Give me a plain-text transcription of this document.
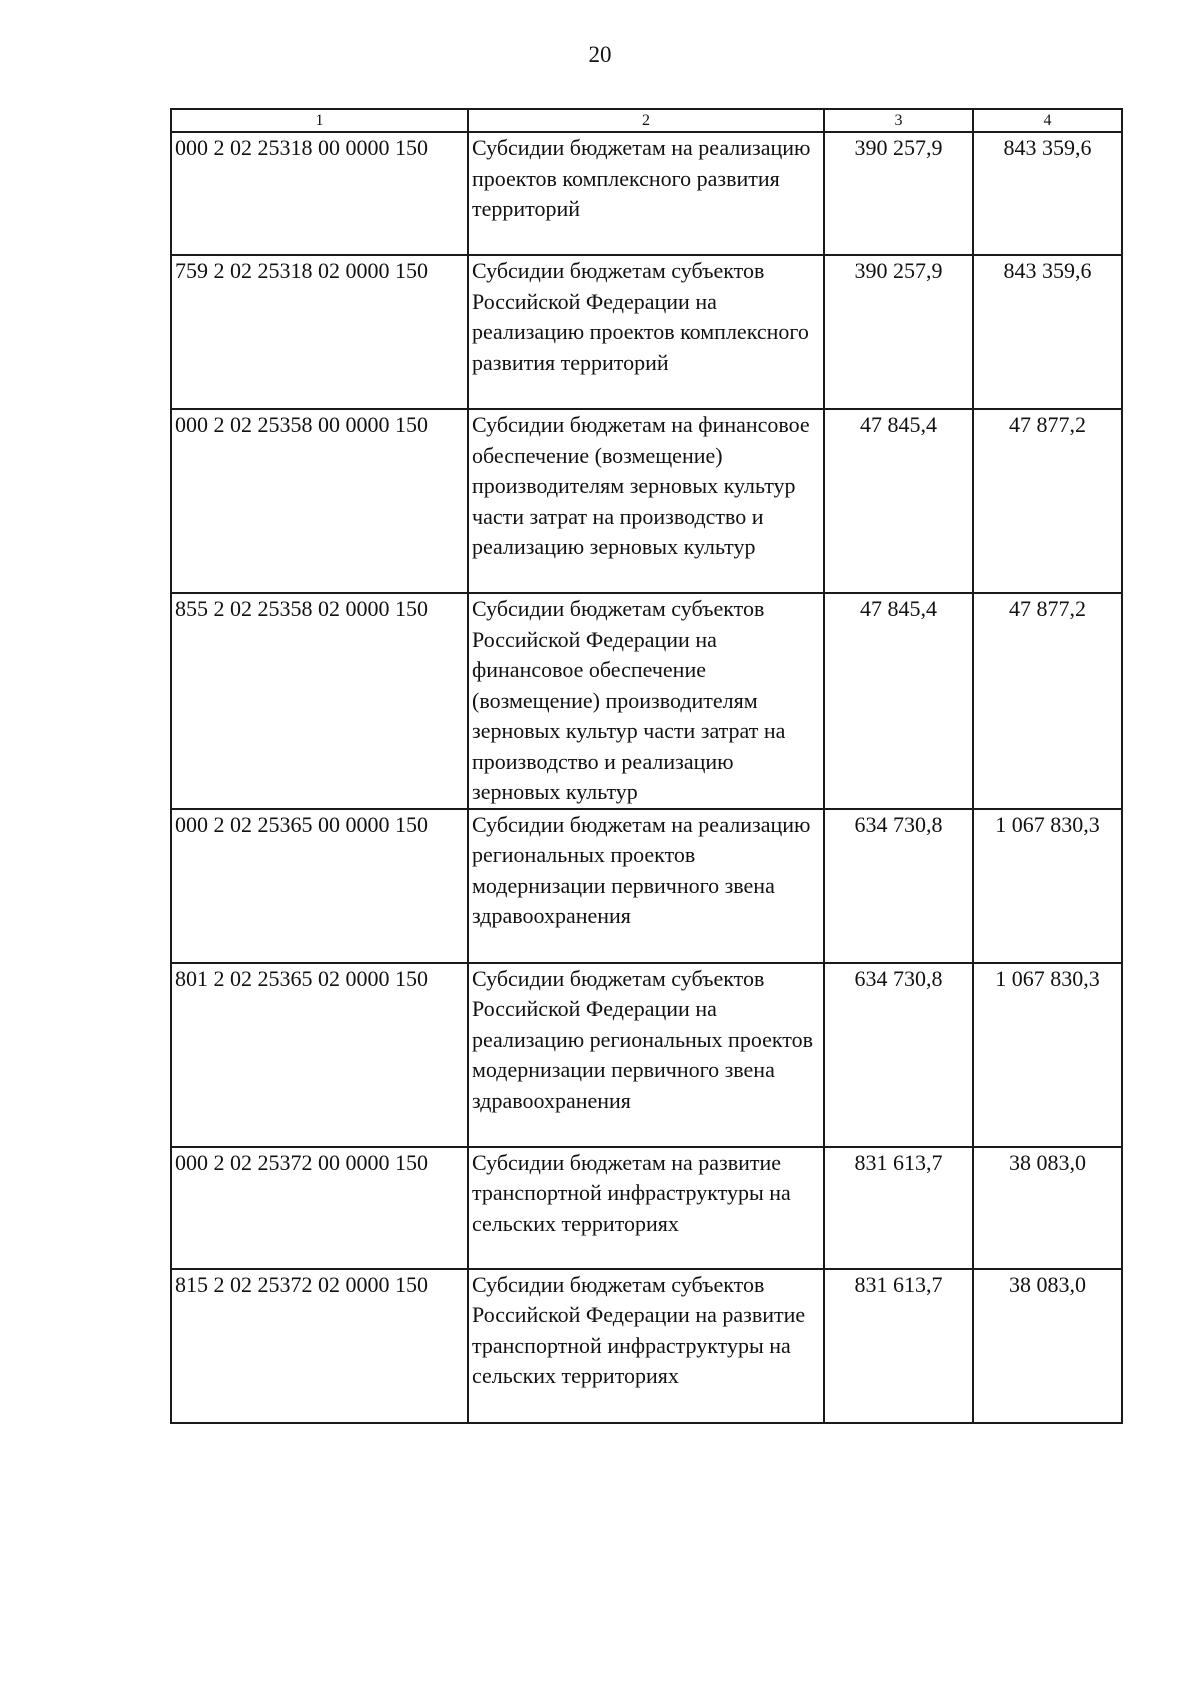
20
1	2	3	4
000 2 02 25318 00 0000 150	Субсидии бюджетам на реализацию проектов комплексного развития территорий	390 257,9	843 359,6
759 2 02 25318 02 0000 150	Субсидии бюджетам субъектов Российской Федерации на реализацию проектов комплексного развития территорий	390 257,9	843 359,6
000 2 02 25358 00 0000 150	Субсидии бюджетам на финансовое обеспечение (возмещение) производителям зерновых культур части затрат на производство и реализацию зерновых культур	47 845,4	47 877,2
855 2 02 25358 02 0000 150	Субсидии бюджетам субъектов Российской Федерации на финансовое обеспечение (возмещение) производителям зерновых культур части затрат на производство и реализацию зерновых культур	47 845,4	47 877,2
000 2 02 25365 00 0000 150	Субсидии бюджетам на реализацию региональных проектов модернизации первичного звена здравоохранения	634 730,8	1 067 830,3
801 2 02 25365 02 0000 150	Субсидии бюджетам субъектов Российской Федерации на реализацию региональных проектов модернизации первичного звена здравоохранения	634 730,8	1 067 830,3
000 2 02 25372 00 0000 150	Субсидии бюджетам на развитие транспортной инфраструктуры на сельских территориях	831 613,7	38 083,0
815 2 02 25372 02 0000 150	Субсидии бюджетам субъектов Российской Федерации на развитие транспортной инфраструктуры на сельских территориях	831 613,7	38 083,0
